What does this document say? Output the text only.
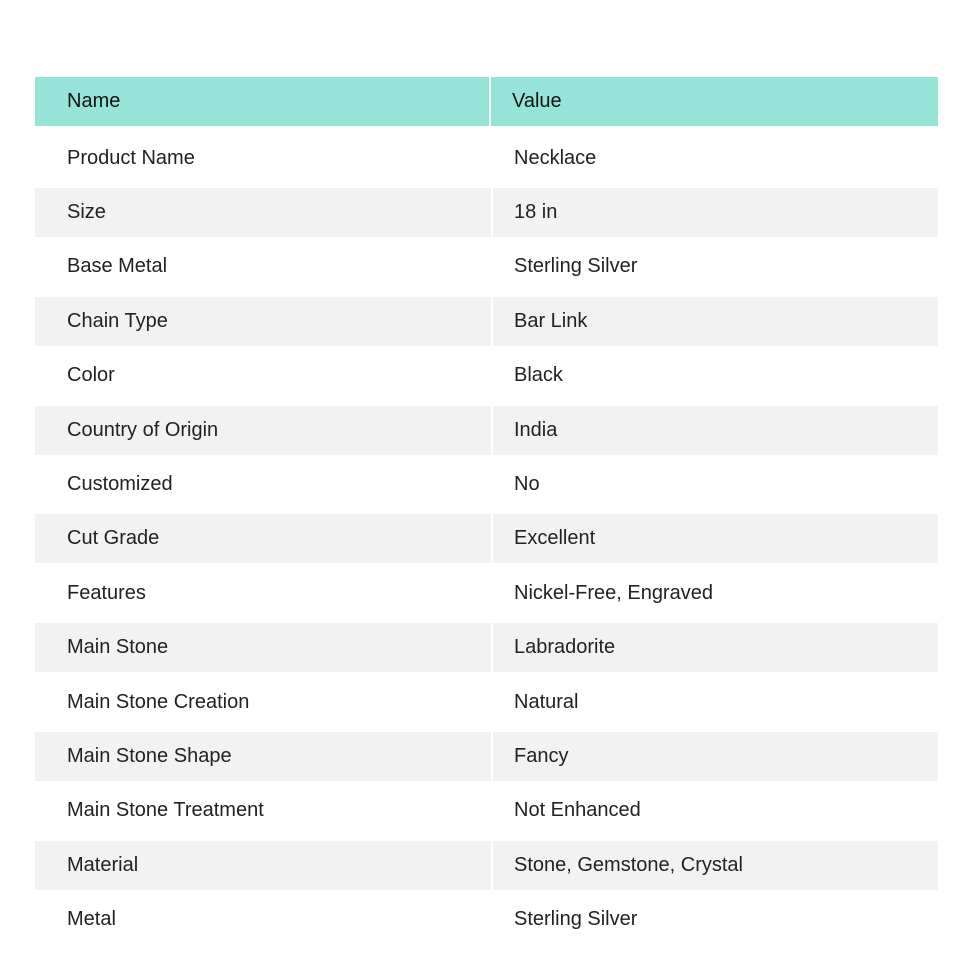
Name	Value
Product Name	Necklace
Size	18 in
Base Metal	Sterling Silver
Chain Type	Bar Link
Color	Black
Country of Origin	India
Customized	No
Cut Grade	Excellent
Features	Nickel-Free, Engraved
Main Stone	Labradorite
Main Stone Creation	Natural
Main Stone Shape	Fancy
Main Stone Treatment	Not Enhanced
Material	Stone, Gemstone, Crystal
Metal	Sterling Silver
